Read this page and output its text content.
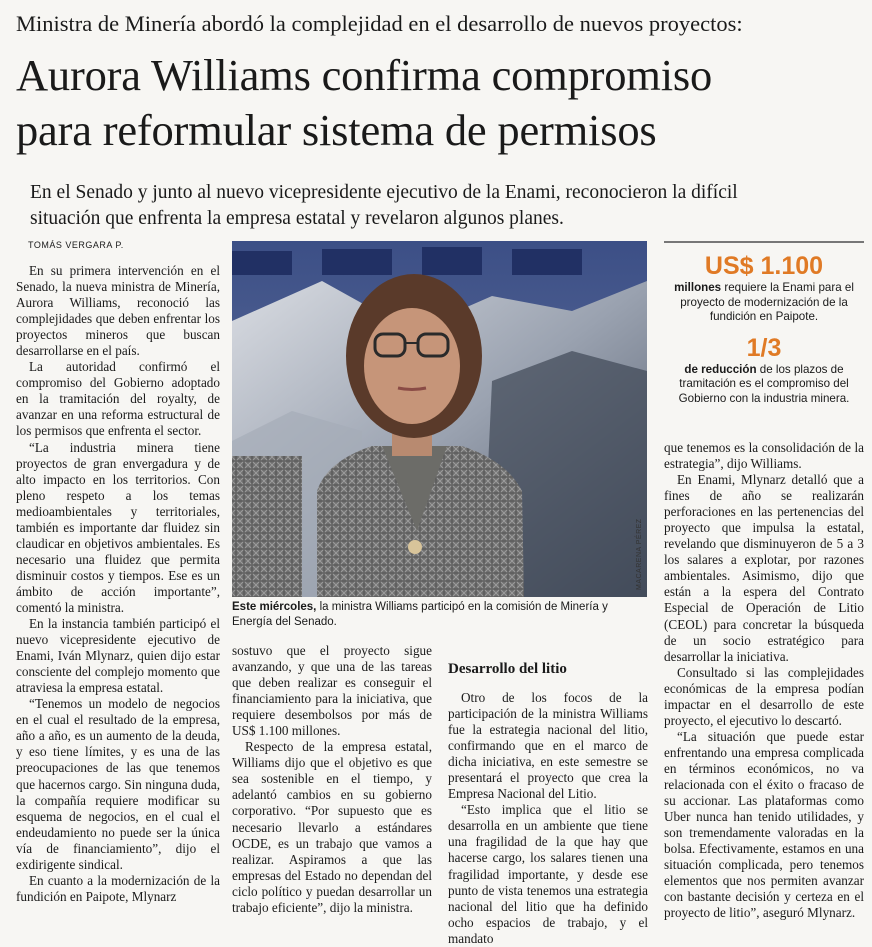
Ministra de Minería abordó la complejidad en el desarrollo de nuevos proyectos:
Aurora Williams confirma compromiso
para reformular sistema de permisos
En el Senado y junto al nuevo vicepresidente ejecutivo de la Enami, reconocieron la difícil
situación que enfrenta la empresa estatal y revelaron algunos planes.
TOMÁS VERGARA P.

En su primera intervención en el Senado, la nueva ministra de Minería, Aurora Williams, reconoció las complejidades que deben enfrentar los proyectos mineros que buscan desarrollarse en el país.

La autoridad confirmó el compromiso del Gobierno adoptado en la tramitación del royalty, de avanzar en una reforma estructural de los permisos que enfrenta el sector.

“La industria minera tiene proyectos de gran envergadura y de alto impacto en los territorios. Con pleno respeto a los temas medioambientales y territoriales, también es importante dar fluidez sin claudicar en objetivos ambientales. Es necesario una fluidez que permita disminuir costos y tiempos. Ese es un ámbito de acción importante”, comentó la ministra.

En la instancia también participó el nuevo vicepresidente ejecutivo de Enami, Iván Mlynarz, quien dijo estar consciente del complejo momento que atraviesa la empresa estatal.

“Tenemos un modelo de negocios en el cual el resultado de la empresa, año a año, es un aumento de la deuda, y eso tiene límites, y es una de las preocupaciones de las que tenemos que hacernos cargo. Sin ninguna duda, la compañía requiere modificar su esquema de negocios, en el cual el endeudamiento no puede ser la única vía de financiamiento”, dijo el exdirigente sindical.

En cuanto a la modernización de la fundición en Paipote, Mlynarz

MACARENA PÉREZ
Este miércoles, la ministra Williams participó en la comisión de Minería y Energía del Senado.
US$ 1.100
millones requiere la Enami para el proyecto de modernización de la fundición en Paipote.
1/3
de reducción de los plazos de tramitación es el compromiso del Gobierno con la industria minera.

sostuvo que el proyecto sigue avanzando, y que una de las tareas que deben realizar es conseguir el financiamiento para la iniciativa, que requiere desembolsos por más de US$ 1.100 millones.

Respecto de la empresa estatal, Williams dijo que el objetivo es que sea sostenible en el tiempo, y adelantó cambios en su gobierno corporativo. “Por supuesto que es necesario llevarlo a estándares OCDE, es un trabajo que vamos a realizar. Aspiramos a que las empresas del Estado no dependan del ciclo político y puedan desarrollar un trabajo eficiente”, dijo la ministra.

Desarrollo del litio

Otro de los focos de la participación de la ministra Williams fue la estrategia nacional del litio, confirmando que en el marco de dicha iniciativa, en este semestre se presentará el proyecto que crea la Empresa Nacional del Litio.

“Esto implica que el litio se desarrolla en un ambiente que tiene una fragilidad de la que hay que hacerse cargo, los salares tienen una fragilidad importante, y desde ese punto de vista tenemos una estrategia nacional del litio que ha definido ocho espacios de trabajo, y el mandato

que tenemos es la consolidación de la estrategia”, dijo Williams.

En Enami, Mlynarz detalló que a fines de año se realizarán perforaciones en las pertenencias del proyecto que impulsa la estatal, revelando que disminuyeron de 5 a 3 los salares a explotar, por razones ambientales. Asimismo, dijo que están a la espera del Contrato Especial de Operación de Litio (CEOL) para concretar la búsqueda de un socio estratégico para desarrollar la iniciativa.

Consultado si las complejidades económicas de la empresa podían impactar en el desarrollo de este proyecto, el ejecutivo lo descartó.

“La situación que puede estar enfrentando una empresa complicada en términos económicos, no va relacionada con el éxito o fracaso de su accionar. Las plataformas como Uber nunca han tenido utilidades, y son tremendamente valoradas en la bolsa. Efectivamente, estamos en una situación complicada, pero tenemos elementos que nos permiten avanzar con bastante decisión y certeza en el proyecto de litio”, aseguró Mlynarz.
